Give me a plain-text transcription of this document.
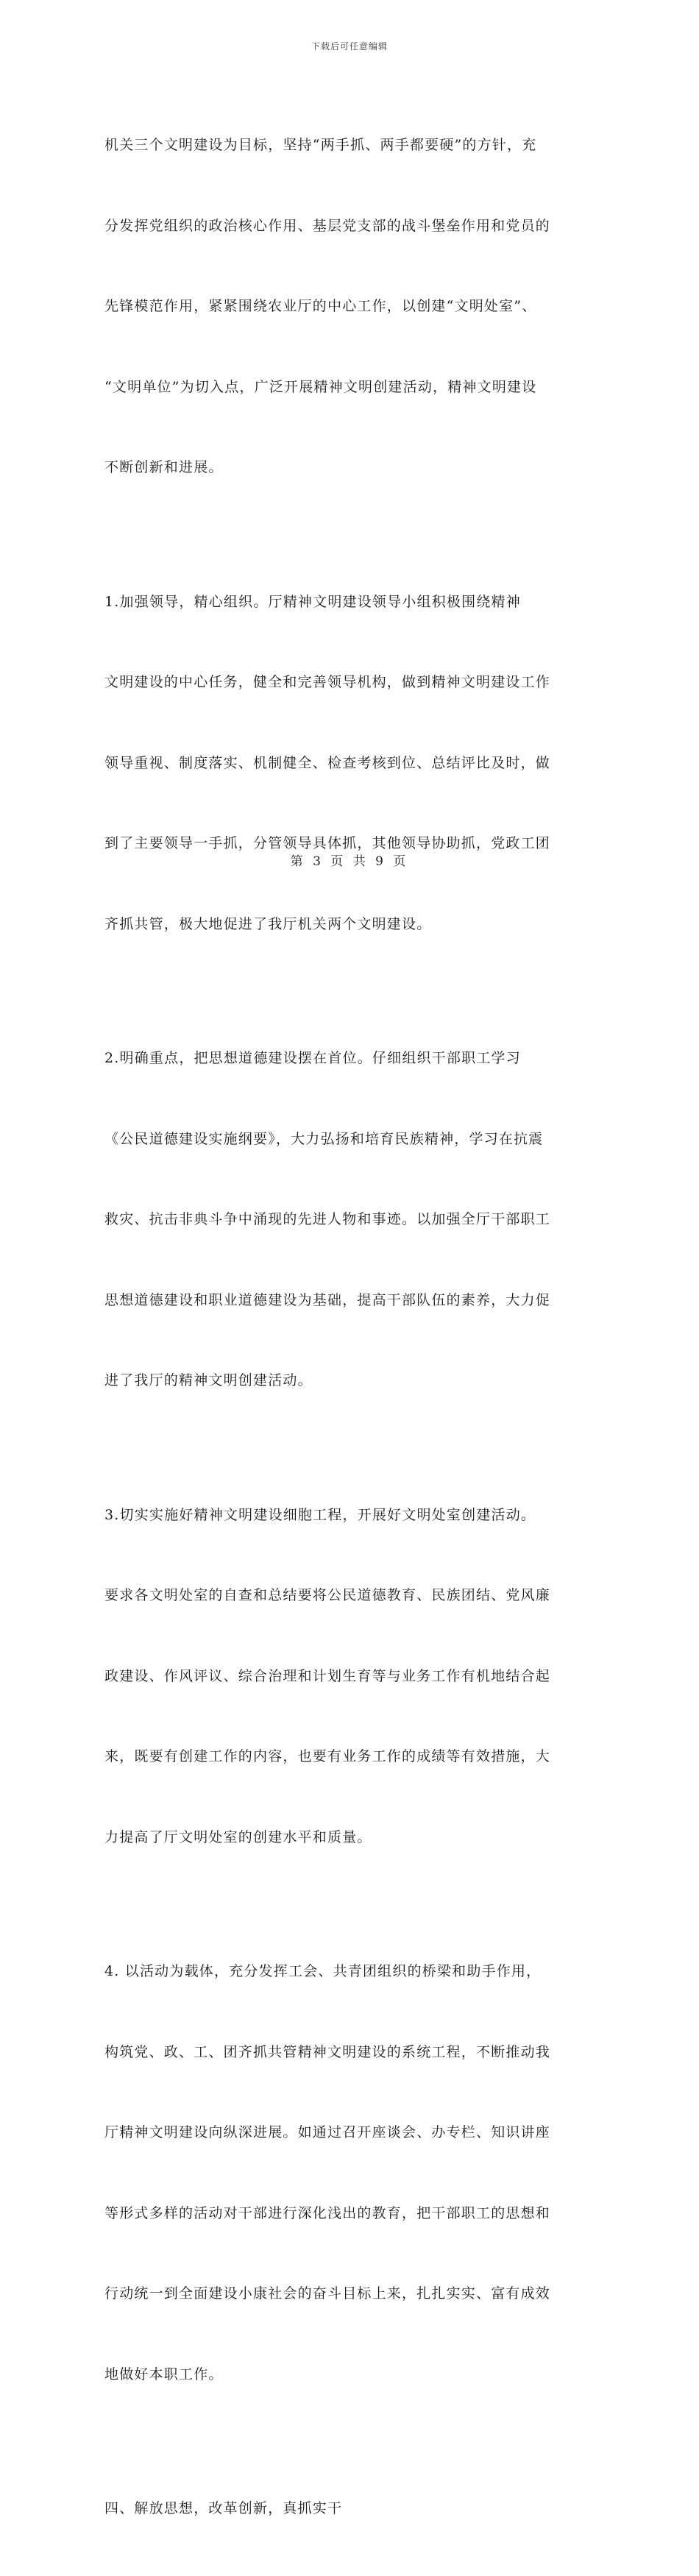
下载后可任意编辑

机关三个文明建设为目标，坚持“两手抓、两手都要硬”的方针，充

分发挥党组织的政治核心作用、基层党支部的战斗堡垒作用和党员的

先锋模范作用，紧紧围绕农业厅的中心工作，以创建“文明处室”、

“文明单位”为切入点，广泛开展精神文明创建活动，精神文明建设

不断创新和进展。

1.加强领导，精心组织。厅精神文明建设领导小组积极围绕精神

文明建设的中心任务，健全和完善领导机构，做到精神文明建设工作

领导重视、制度落实、机制健全、检查考核到位、总结评比及时，做

到了主要领导一手抓，分管领导具体抓，其他领导协助抓，党政工团

齐抓共管，极大地促进了我厅机关两个文明建设。

2.明确重点，把思想道德建设摆在首位。仔细组织干部职工学习

《公民道德建设实施纲要》，大力弘扬和培育民族精神，学习在抗震

救灾、抗击非典斗争中涌现的先进人物和事迹。以加强全厅干部职工

思想道德建设和职业道德建设为基础，提高干部队伍的素养，大力促

进了我厅的精神文明创建活动。

3.切实实施好精神文明建设细胞工程，开展好文明处室创建活动。

要求各文明处室的自查和总结要将公民道德教育、民族团结、党风廉

政建设、作风评议、综合治理和计划生育等与业务工作有机地结合起

来，既要有创建工作的内容，也要有业务工作的成绩等有效措施，大

力提高了厅文明处室的创建水平和质量。

4. 以活动为载体，充分发挥工会、共青团组织的桥梁和助手作用，

构筑党、政、工、团齐抓共管精神文明建设的系统工程，不断推动我

厅精神文明建设向纵深进展。如通过召开座谈会、办专栏、知识讲座

等形式多样的活动对干部进行深化浅出的教育，把干部职工的思想和

行动统一到全面建设小康社会的奋斗目标上来，扎扎实实、富有成效

地做好本职工作。

四、解放思想，改革创新，真抓实干

第 3 页 共 9 页
